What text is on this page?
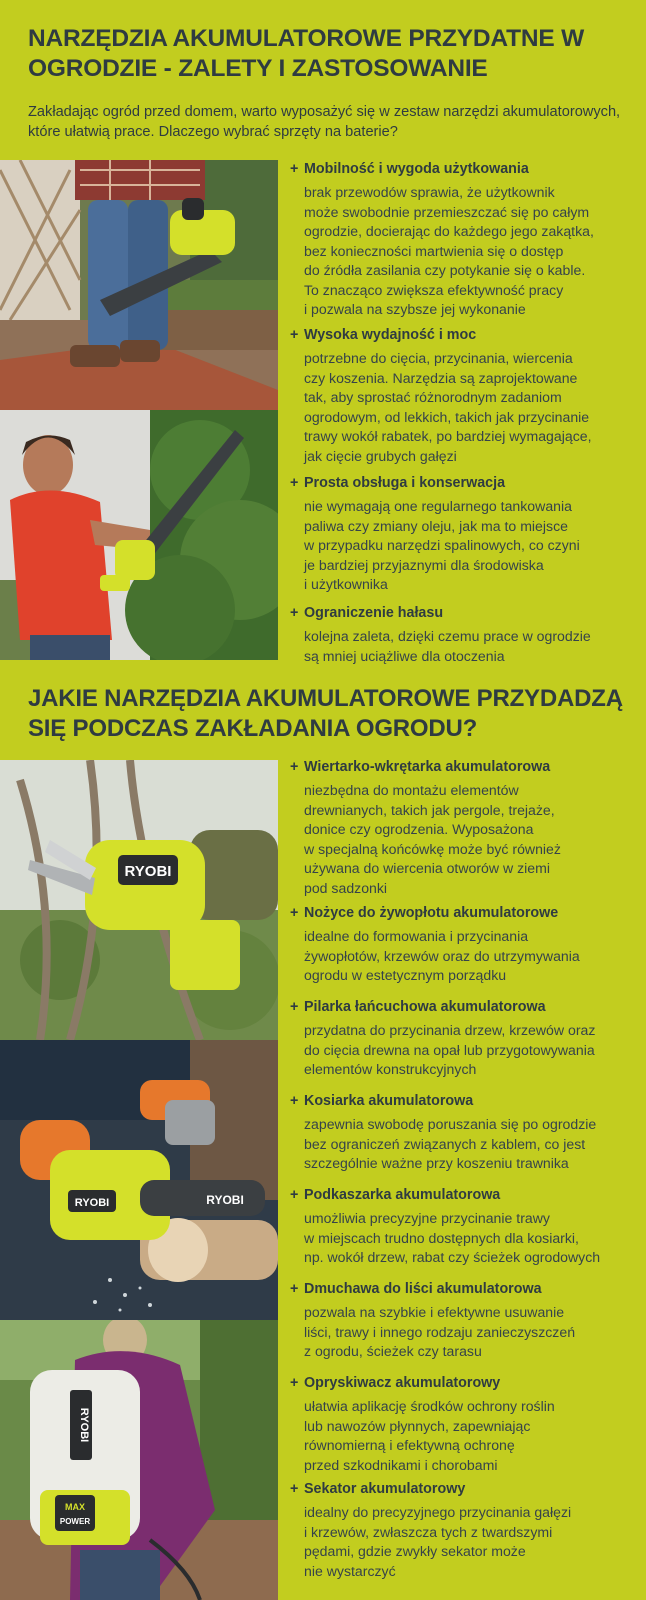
NARZĘDZIA AKUMULATOROWE PRZYDATNE W OGRODZIE - ZALETY I ZASTOSOWANIE

Zakładając ogród przed domem, warto wyposażyć się w zestaw narzędzi akumulatorowych, które ułatwią prace. Dlaczego wybrać sprzęty na baterie?

+ Mobilność i wygoda użytkowania
brak przewodów sprawia, że użytkownik
może swobodnie przemieszczać się po całym
ogrodzie, docierając do każdego jego zakątka,
bez konieczności martwienia się o dostęp
do źródła zasilania czy potykanie się o kable.
To znacząco zwiększa efektywność pracy
i pozwala na szybsze jej wykonanie
+ Wysoka wydajność i moc
potrzebne do cięcia, przycinania, wiercenia
czy koszenia. Narzędzia są zaprojektowane
tak, aby sprostać różnorodnym zadaniom
ogrodowym, od lekkich, takich jak przycinanie
trawy wokół rabatek, po bardziej wymagające,
jak cięcie grubych gałęzi
+ Prosta obsługa i konserwacja
nie wymagają one regularnego tankowania
paliwa czy zmiany oleju, jak ma to miejsce
w przypadku narzędzi spalinowych, co czyni
je bardziej przyjaznymi dla środowiska
i użytkownika
+ Ograniczenie hałasu
kolejna zaleta, dzięki czemu prace w ogrodzie
są mniej uciążliwe dla otoczenia
JAKIE NARZĘDZIA AKUMULATOROWE PRZYDADZĄ SIĘ PODCZAS ZAKŁADANIA OGRODU?
RYOBI
RYOBI
RYOBI
RYOBI
MAX
POWER
+ Wiertarko-wkrętarka akumulatorowa
niezbędna do montażu elementów
drewnianych, takich jak pergole, trejaże,
donice czy ogrodzenia. Wyposażona
w specjalną końcówkę może być również
używana do wiercenia otworów w ziemi
pod sadzonki
+ Nożyce do żywopłotu akumulatorowe
idealne do formowania i przycinania
żywopłotów, krzewów oraz do utrzymywania
ogrodu w estetycznym porządku
+ Pilarka łańcuchowa akumulatorowa
przydatna do przycinania drzew, krzewów oraz
do cięcia drewna na opał lub przygotowywania
elementów konstrukcyjnych
+ Kosiarka akumulatorowa
zapewnia swobodę poruszania się po ogrodzie
bez ograniczeń związanych z kablem, co jest
szczególnie ważne przy koszeniu trawnika
+ Podkaszarka akumulatorowa
umożliwia precyzyjne przycinanie trawy
w miejscach trudno dostępnych dla kosiarki,
np. wokół drzew, rabat czy ścieżek ogrodowych
+ Dmuchawa do liści akumulatorowa
pozwala na szybkie i efektywne usuwanie
liści, trawy i innego rodzaju zanieczyszczeń
z ogrodu, ścieżek czy tarasu
+ Opryskiwacz akumulatorowy
ułatwia aplikację środków ochrony roślin
lub nawozów płynnych, zapewniając
równomierną i efektywną ochronę
przed szkodnikami i chorobami
+ Sekator akumulatorowy
idealny do precyzyjnego przycinania gałęzi
i krzewów, zwłaszcza tych z twardszymi
pędami, gdzie zwykły sekator może
nie wystarczyć
